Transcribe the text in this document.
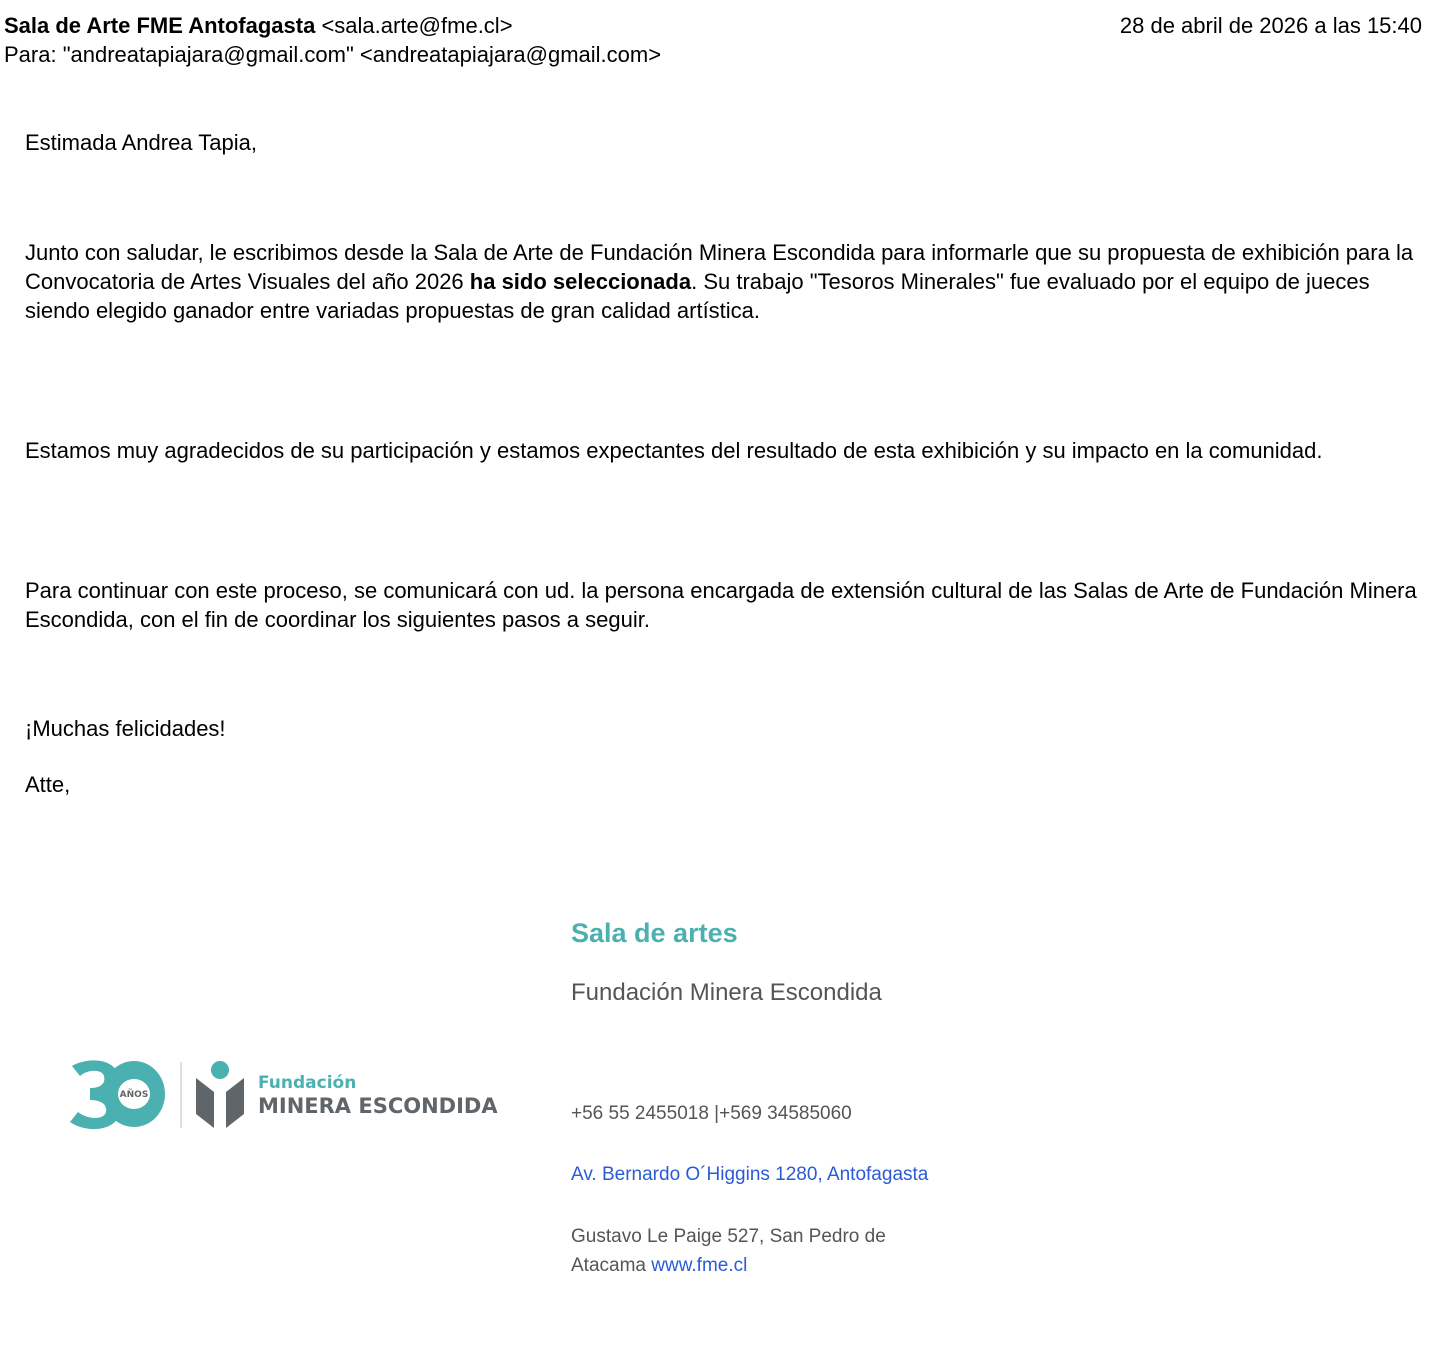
Sala de Arte FME Antofagasta <sala.arte@fme.cl>	28 de abril de 2026 a las 15:40
Para: "andreatapiajara@gmail.com" <andreatapiajara@gmail.com>

Estimada Andrea Tapia,

Junto con saludar, le escribimos desde la Sala de Arte de Fundación Minera Escondida para informarle que su propuesta de exhibición para la Convocatoria de Artes Visuales del año 2026 ha sido seleccionada. Su trabajo "Tesoros Minerales" fue evaluado por el equipo de jueces siendo elegido ganador entre variadas propuestas de gran calidad artística.

Estamos muy agradecidos de su participación y estamos expectantes del resultado de esta exhibición y su impacto en la comunidad.

Para continuar con este proceso, se comunicará con ud. la persona encargada de extensión cultural de las Salas de Arte de Fundación Minera Escondida, con el fin de coordinar los siguientes pasos a seguir.

¡Muchas felicidades!

Atte,

AÑOS
Fundación
MINERA ESCONDIDA
Sala de artes
Fundación Minera Escondida
+56 55 2455018 |+569 34585060
Av. Bernardo O´Higgins 1280, Antofagasta
Gustavo Le Paige 527, San Pedro de Atacama www.fme.cl
